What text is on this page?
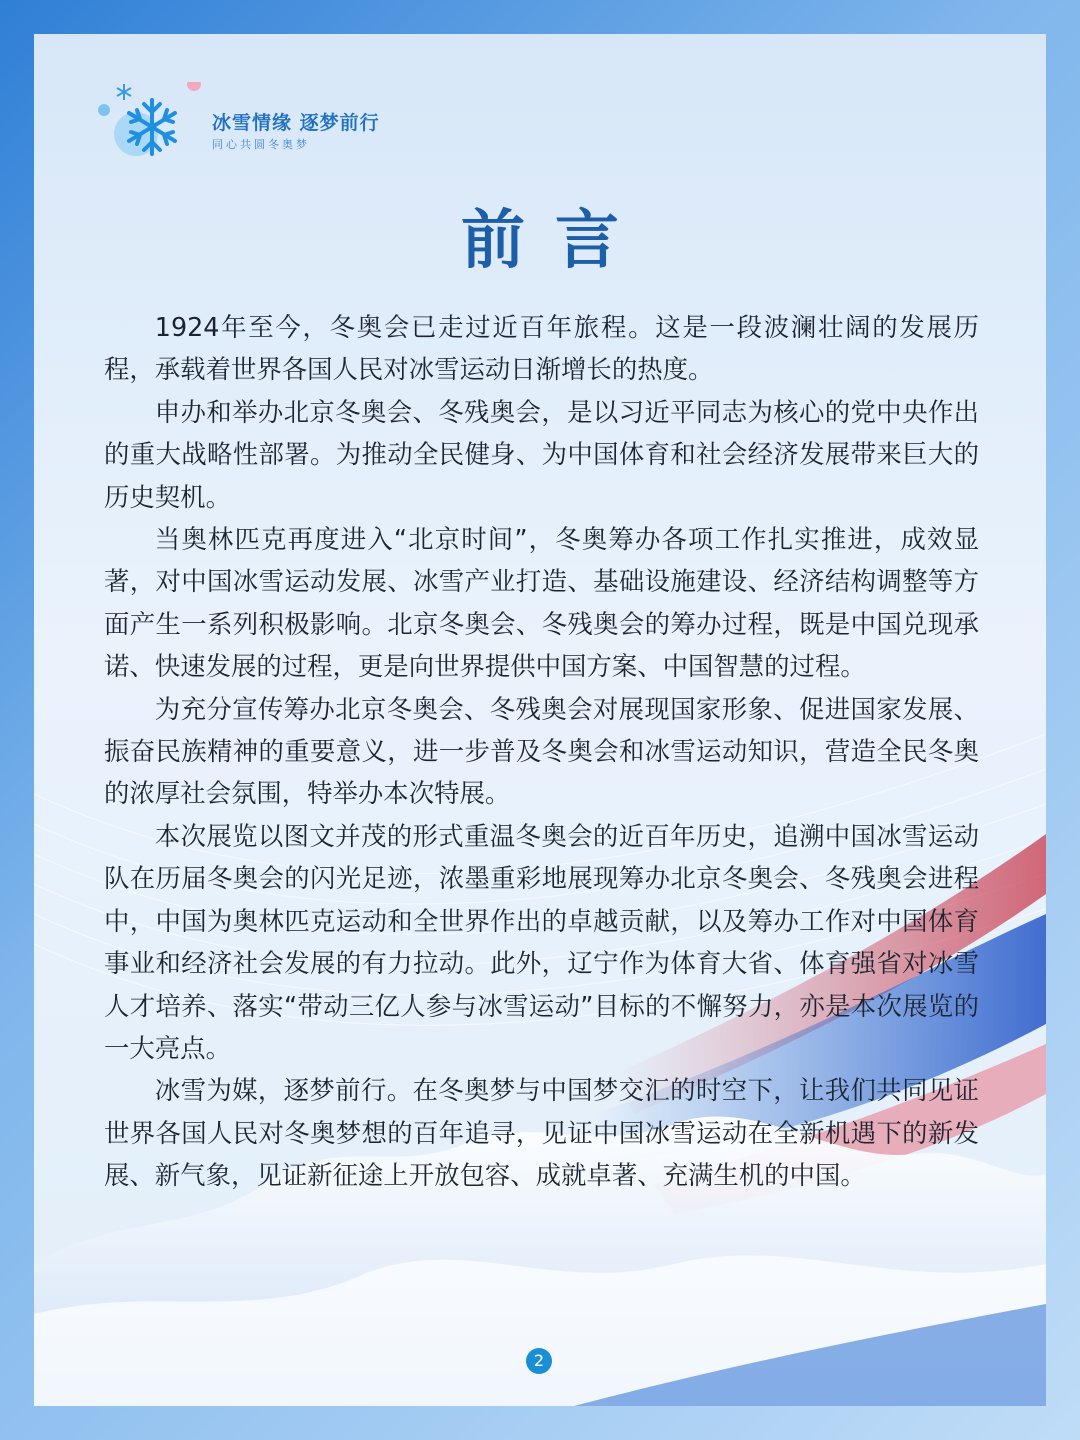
冰雪情缘 逐梦前行
同心共圆冬奥梦
前言

1924年至今，冬奥会已走过近百年旅程。这是一段波澜壮阔的发展历程，承载着世界各国人民对冰雪运动日渐增长的热度。

申办和举办北京冬奥会、冬残奥会，是以习近平同志为核心的党中央作出的重大战略性部署。为推动全民健身、为中国体育和社会经济发展带来巨大的历史契机。

当奥林匹克再度进入“北京时间”，冬奥筹办各项工作扎实推进，成效显著，对中国冰雪运动发展、冰雪产业打造、基础设施建设、经济结构调整等方面产生一系列积极影响。北京冬奥会、冬残奥会的筹办过程，既是中国兑现承诺、快速发展的过程，更是向世界提供中国方案、中国智慧的过程。

为充分宣传筹办北京冬奥会、冬残奥会对展现国家形象、促进国家发展、振奋民族精神的重要意义，进一步普及冬奥会和冰雪运动知识，营造全民冬奥的浓厚社会氛围，特举办本次特展。

本次展览以图文并茂的形式重温冬奥会的近百年历史，追溯中国冰雪运动队在历届冬奥会的闪光足迹，浓墨重彩地展现筹办北京冬奥会、冬残奥会进程中，中国为奥林匹克运动和全世界作出的卓越贡献，以及筹办工作对中国体育事业和经济社会发展的有力拉动。此外，辽宁作为体育大省、体育强省对冰雪人才培养、落实“带动三亿人参与冰雪运动”目标的不懈努力，亦是本次展览的一大亮点。

冰雪为媒，逐梦前行。在冬奥梦与中国梦交汇的时空下，让我们共同见证世界各国人民对冬奥梦想的百年追寻，见证中国冰雪运动在全新机遇下的新发展、新气象，见证新征途上开放包容、成就卓著、充满生机的中国。

2
